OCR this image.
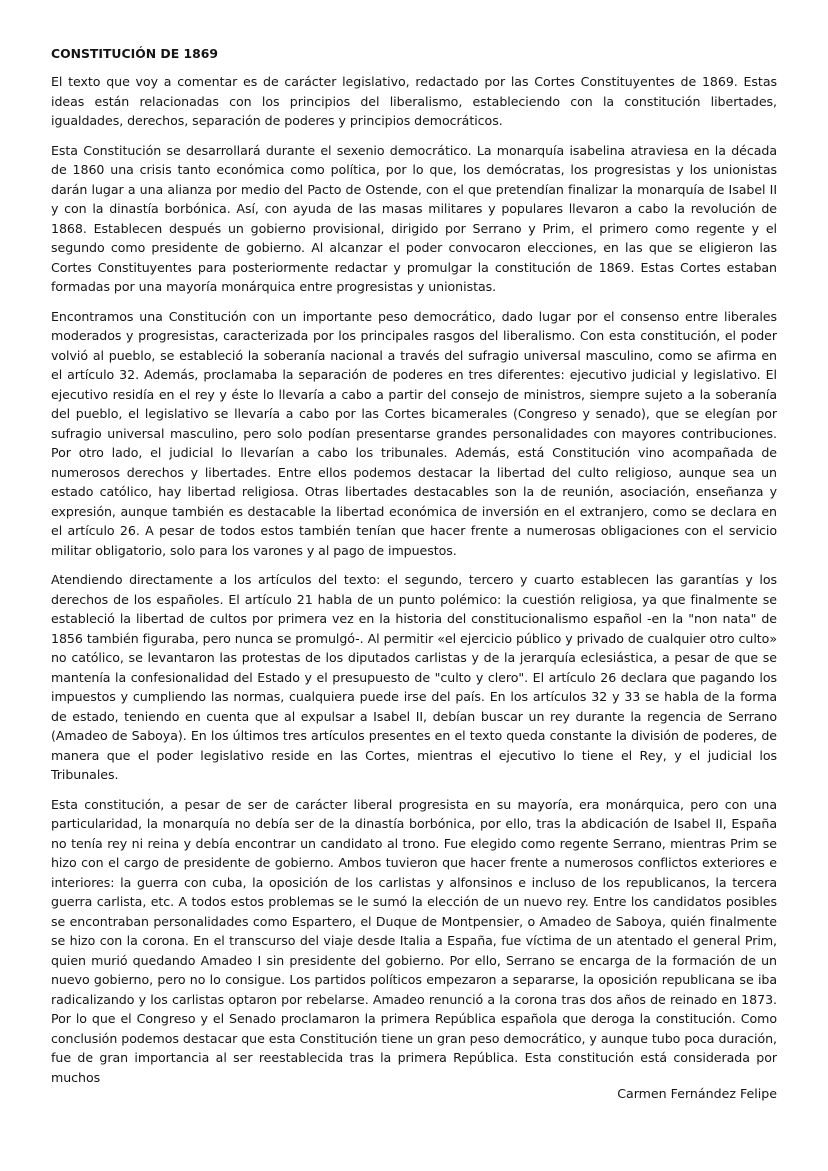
CONSTITUCIÓN DE 1869

El texto que voy a comentar es de carácter legislativo, redactado por las Cortes Constituyentes de 1869. Estas ideas están relacionadas con los principios del liberalismo, estableciendo con la constitución libertades, igualdades, derechos, separación de poderes y principios democráticos.

Esta Constitución se desarrollará durante el sexenio democrático. La monarquía isabelina atraviesa en la década de 1860 una crisis tanto económica como política, por lo que, los demócratas, los progresistas y los unionistas darán lugar a una alianza por medio del Pacto de Ostende, con el que pretendían finalizar la monarquía de Isabel II y con la dinastía borbónica. Así, con ayuda de las masas militares y populares llevaron a cabo la revolución de 1868. Establecen después un gobierno provisional, dirigido por Serrano y Prim, el primero como regente y el segundo como presidente de gobierno. Al alcanzar el poder convocaron elecciones, en las que se eligieron las Cortes Constituyentes para posteriormente redactar y promulgar la constitución de 1869. Estas Cortes estaban formadas por una mayoría monárquica entre progresistas y unionistas.

Encontramos una Constitución con un importante peso democrático, dado lugar por el consenso entre liberales moderados y progresistas, caracterizada por los principales rasgos del liberalismo. Con esta constitución, el poder volvió al pueblo, se estableció la soberanía nacional a través del sufragio universal masculino, como se afirma en el artículo 32. Además, proclamaba la separación de poderes en tres diferentes: ejecutivo judicial y legislativo. El ejecutivo residía en el rey y éste lo llevaría a cabo a partir del consejo de ministros, siempre sujeto a la soberanía del pueblo, el legislativo se llevaría a cabo por las Cortes bicamerales (Congreso y senado), que se elegían por sufragio universal masculino, pero solo podían presentarse grandes personalidades con mayores contribuciones. Por otro lado, el judicial lo llevarían a cabo los tribunales. Además, está Constitución vino acompañada de numerosos derechos y libertades. Entre ellos podemos destacar la libertad del culto religioso, aunque sea un estado católico, hay libertad religiosa. Otras libertades destacables son la de reunión, asociación, enseñanza y expresión, aunque también es destacable la libertad económica de inversión en el extranjero, como se declara en el artículo 26. A pesar de todos estos también tenían que hacer frente a numerosas obligaciones con el servicio militar obligatorio, solo para los varones y al pago de impuestos.

Atendiendo directamente a los artículos del texto: el segundo, tercero y cuarto establecen las garantías y los derechos de los españoles. El artículo 21 habla de un punto polémico: la cuestión religiosa, ya que finalmente se estableció la libertad de cultos por primera vez en la historia del constitucionalismo español -en la "non nata" de 1856 también figuraba, pero nunca se promulgó-. Al permitir «el ejercicio público y privado de cualquier otro culto» no católico, se levantaron las protestas de los diputados carlistas y de la jerarquía eclesiástica, a pesar de que se mantenía la confesionalidad del Estado y el presupuesto de "culto y clero". El artículo 26 declara que pagando los impuestos y cumpliendo las normas, cualquiera puede irse del país. En los artículos 32 y 33 se habla de la forma de estado, teniendo en cuenta que al expulsar a Isabel II, debían buscar un rey durante la regencia de Serrano (Amadeo de Saboya). En los últimos tres artículos presentes en el texto queda constante la división de poderes, de manera que el poder legislativo reside en las Cortes, mientras el ejecutivo lo tiene el Rey, y el judicial los Tribunales.

Esta constitución, a pesar de ser de carácter liberal progresista en su mayoría, era monárquica, pero con una particularidad, la monarquía no debía ser de la dinastía borbónica, por ello, tras la abdicación de Isabel II, España no tenía rey ni reina y debía encontrar un candidato al trono. Fue elegido como regente Serrano, mientras Prim se hizo con el cargo de presidente de gobierno. Ambos tuvieron que hacer frente a numerosos conflictos exteriores e interiores: la guerra con cuba, la oposición de los carlistas y alfonsinos e incluso de los republicanos, la tercera guerra carlista, etc. A todos estos problemas se le sumó la elección de un nuevo rey. Entre los candidatos posibles se encontraban personalidades como Espartero, el Duque de Montpensier, o Amadeo de Saboya, quién finalmente se hizo con la corona. En el transcurso del viaje desde Italia a España, fue víctima de un atentado el general Prim, quien murió quedando Amadeo I sin presidente del gobierno. Por ello, Serrano se encarga de la formación de un nuevo gobierno, pero no lo consigue. Los partidos políticos empezaron a separarse, la oposición republicana se iba radicalizando y los carlistas optaron por rebelarse. Amadeo renunció a la corona tras dos años de reinado en 1873. Por lo que el Congreso y el Senado proclamaron la primera República española que deroga la constitución. Como conclusión podemos destacar que esta Constitución tiene un gran peso democrático, y aunque tubo poca duración, fue de gran importancia al ser reestablecida tras la primera República. Esta constitución está considerada por muchos

Carmen Fernández Felipe
